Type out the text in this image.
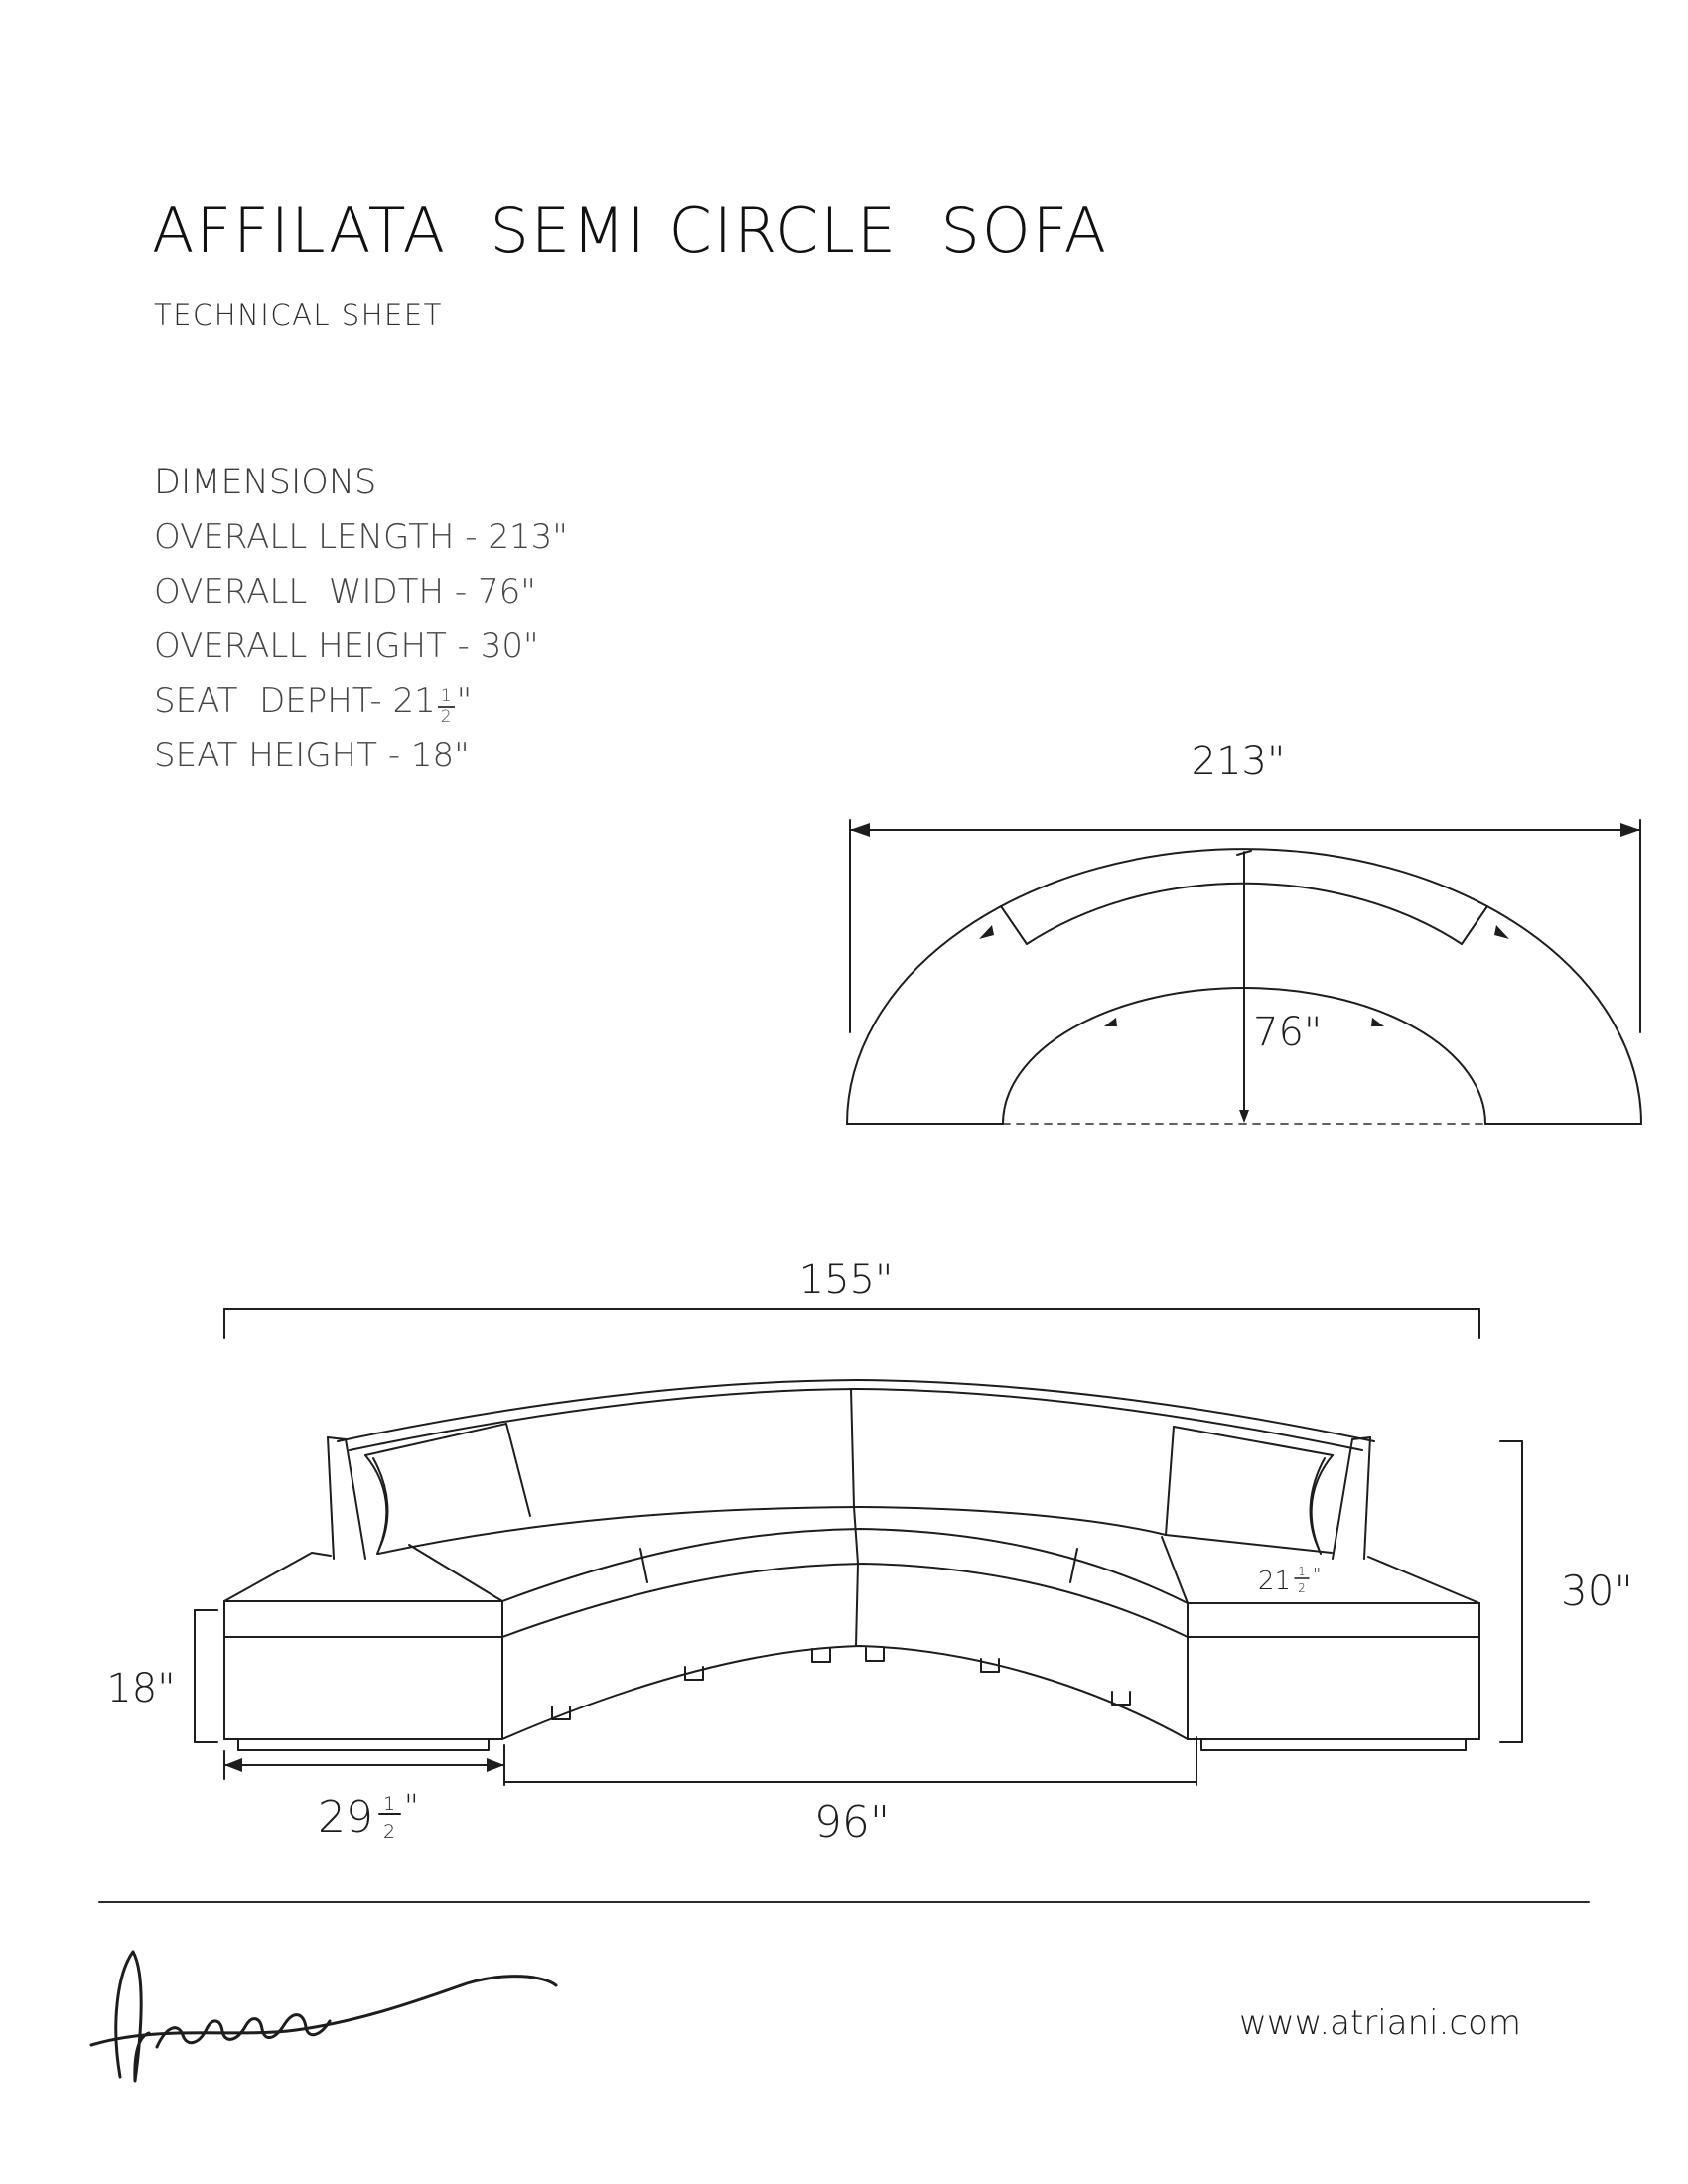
AFFILATA  SEMI CIRCLE  SOFA
TECHNICAL SHEET
DIMENSIONS
OVERALL LENGTH - 213"
OVERALL  WIDTH - 76"
OVERALL HEIGHT - 30"
SEAT  DEPHT- $21 \frac{1}{2}$ "
SEAT HEIGHT - 18"	213"
76"
155"
30"
18"
29 1
2
"	96"
21 1
2
"
www.atriani.com
